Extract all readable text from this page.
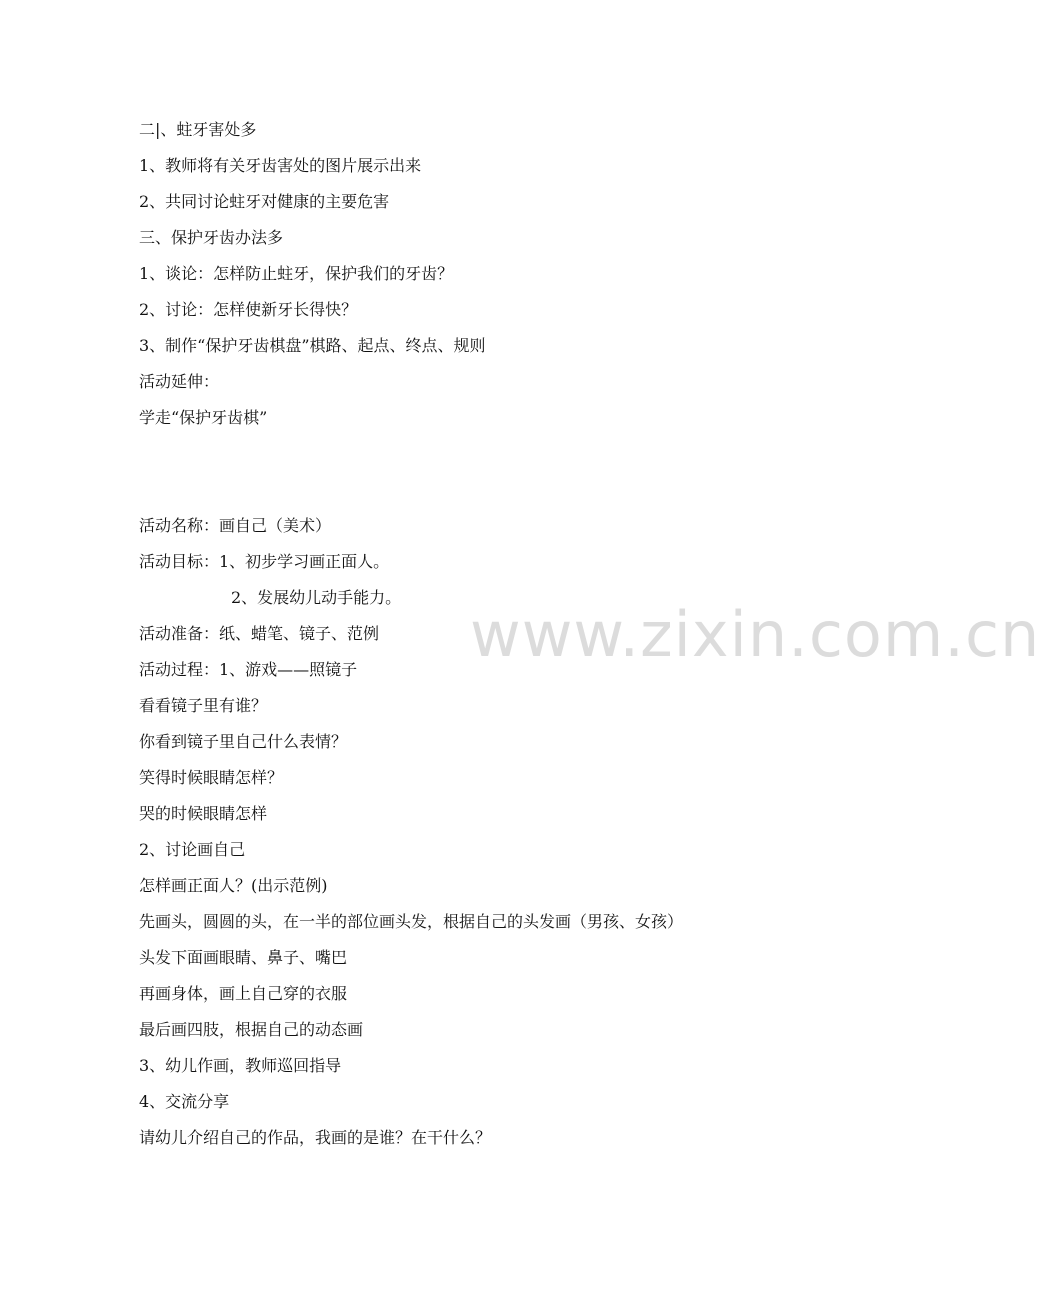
二|、蛀牙害处多
1、教师将有关牙齿害处的图片展示出来
2、共同讨论蛀牙对健康的主要危害
三、保护牙齿办法多
1、谈论：怎样防止蛀牙，保护我们的牙齿？
2、讨论：怎样使新牙长得快？
3、制作“保护牙齿棋盘”棋路、起点、终点、规则
活动延伸：
学走“保护牙齿棋”
活动名称：画自己（美术）
活动目标：1、初步学习画正面人。
2、发展幼儿动手能力。
活动准备：纸、蜡笔、镜子、范例
活动过程：1、游戏——照镜子
看看镜子里有谁？
你看到镜子里自己什么表情？
笑得时候眼睛怎样？
哭的时候眼睛怎样
2、讨论画自己
怎样画正面人？(出示范例)
先画头，圆圆的头，在一半的部位画头发，根据自己的头发画（男孩、女孩）
头发下面画眼睛、鼻子、嘴巴
再画身体，画上自己穿的衣服
最后画四肢，根据自己的动态画
3、幼儿作画，教师巡回指导
4、交流分享
请幼儿介绍自己的作品，我画的是谁？在干什么？
www.zixin.com.cn
